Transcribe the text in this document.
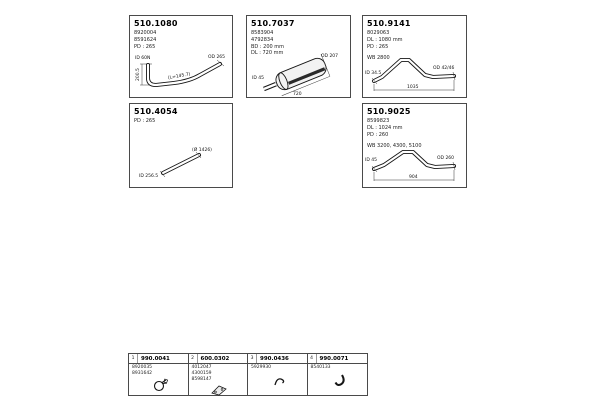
510.1080
8920004
8591624
PD : 265
ID 60N	OD 265
(L=145.7)
200.5
510.7037
8583904
4792834
BD : 200 mm
DL : 720 mm
OD 207
ID 45
720
510.9141
8029063
DL : 1080 mm
PD : 265
WB 2800
ID 34.5
OD 42/46
1035
510.4054
PD : 265
ID 256.5
(Ø 1426)
510.9025
8599823
DL : 1024 mm
PD : 260
WB 3200, 4300, 5100
ID 45	OD 260
904
1	990.0041
8920035
8931642
2	600.0302
4012047
4300159
8598147
3	990.0436
5929930
4	990.0071
8540133
